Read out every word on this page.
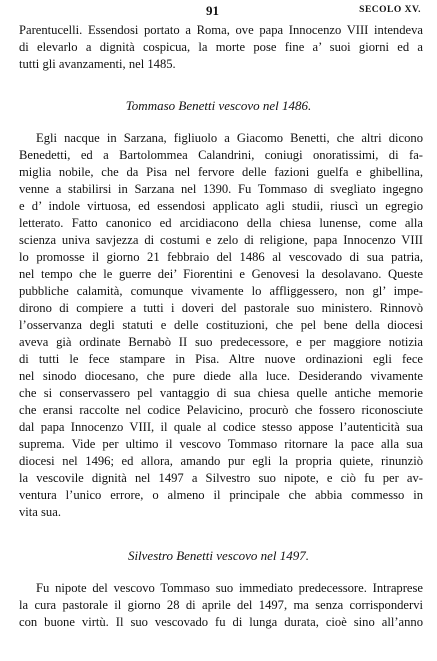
91	SECOLO XV.
Parentucelli. Essendosi portato a Roma, ove papa Innocenzo VIII intendeva
di elevarlo a dignità cospicua, la morte pose fine a’ suoi giorni ed a
tutti gli avanzamenti, nel 1485.
Tommaso Benetti vescovo nel 1486.
Egli nacque in Sarzana, figliuolo a Giacomo Benetti, che altri dicono
Benedetti, ed a Bartolommea Calandrini, coniugi onoratissimi, di fa-
miglia nobile, che da Pisa nel fervore delle fazioni guelfa e ghibellina,
venne a stabilirsi in Sarzana nel 1390. Fu Tommaso di svegliato ingegno
e d’ indole virtuosa, ed essendosi applicato agli studii, riuscì un egregio
letterato. Fatto canonico ed arcidiacono della chiesa lunense, come alla
scienza univa savjezza di costumi e zelo di religione, papa Innocenzo VIII
lo promosse il giorno 21 febbraio del 1486 al vescovado di sua patria,
nel tempo che le guerre dei’ Fiorentini e Genovesi la desolavano. Queste
pubbliche calamità, comunque vivamente lo affliggessero, non gl’ impe-
dirono di compiere a tutti i doveri del pastorale suo ministero. Rinnovò
l’osservanza degli statuti e delle costituzioni, che pel bene della diocesi
aveva già ordinate Bernabò II suo predecessore, e per maggiore notizia
di tutti le fece stampare in Pisa. Altre nuove ordinazioni egli fece
nel sinodo diocesano, che pure diede alla luce. Desiderando vivamente
che si conservassero pel vantaggio di sua chiesa quelle antiche memorie
che eransi raccolte nel codice Pelavicino, procurò che fossero riconosciute
dal papa Innocenzo VIII, il quale al codice stesso appose l’autenticità sua
suprema. Vide per ultimo il vescovo Tommaso ritornare la pace alla sua
diocesi nel 1496; ed allora, amando pur egli la propria quiete, rinunziò
la vescovile dignità nel 1497 a Silvestro suo nipote, e ciò fu per av-
ventura l’unico errore, o almeno il principale che abbia commesso in
vita sua.
Silvestro Benetti vescovo nel 1497.
Fu nipote del vescovo Tommaso suo immediato predecessore. Intraprese
la cura pastorale il giorno 28 di aprile del 1497, ma senza corrispondervi
con buone virtù. Il suo vescovado fu di lunga durata, cioè sino all’anno
